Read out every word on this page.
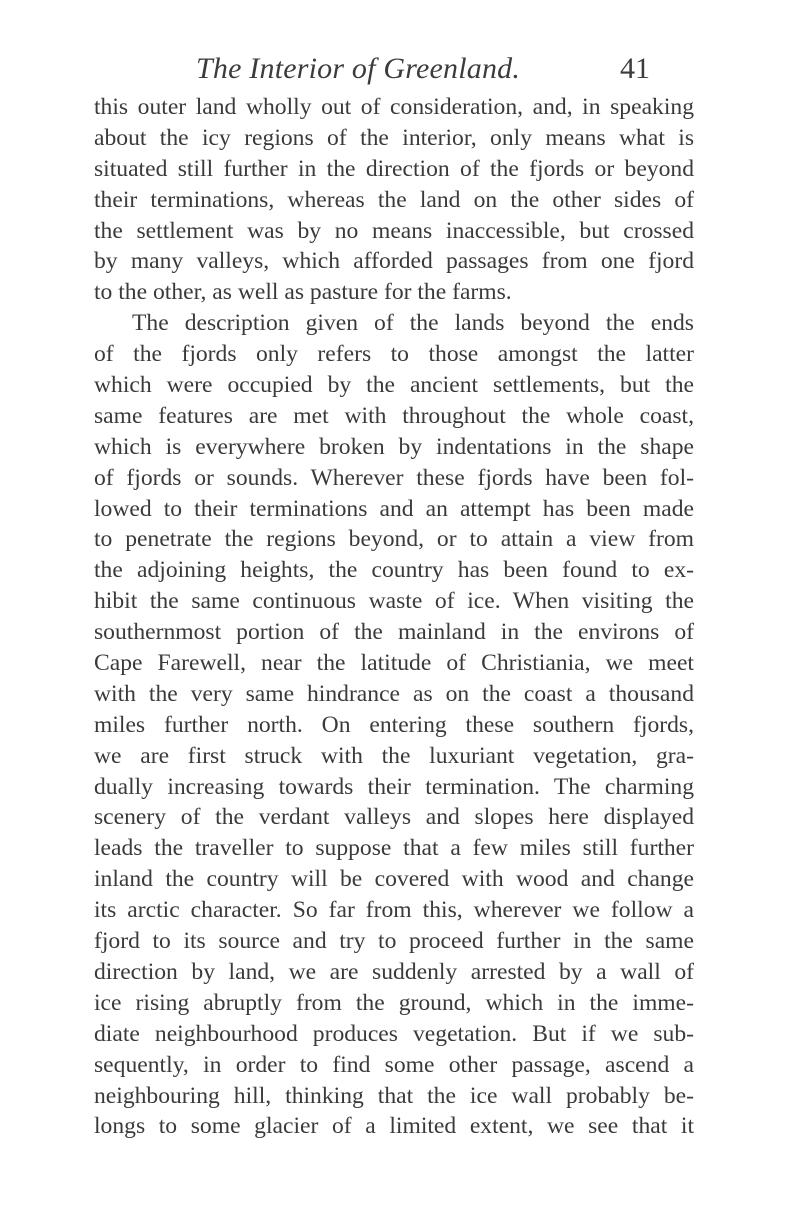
The Interior of Greenland.	41
this outer land wholly out of consideration, and, in speaking
about the icy regions of the interior, only means what is
situated still further in the direction of the fjords or beyond
their terminations, whereas the land on the other sides of
the settlement was by no means inaccessible, but crossed
by many valleys, which afforded passages from one fjord
to the other, as well as pasture for the farms.
The description given of the lands beyond the ends
of the fjords only refers to those amongst the latter
which were occupied by the ancient settlements, but the
same features are met with throughout the whole coast,
which is everywhere broken by indentations in the shape
of fjords or sounds. Wherever these fjords have been fol-
lowed to their terminations and an attempt has been made
to penetrate the regions beyond, or to attain a view from
the adjoining heights, the country has been found to ex-
hibit the same continuous waste of ice. When visiting the
southernmost portion of the mainland in the environs of
Cape Farewell, near the latitude of Christiania, we meet
with the very same hindrance as on the coast a thousand
miles further north. On entering these southern fjords,
we are first struck with the luxuriant vegetation, gra-
dually increasing towards their termination. The charming
scenery of the verdant valleys and slopes here displayed
leads the traveller to suppose that a few miles still further
inland the country will be covered with wood and change
its arctic character. So far from this, wherever we follow a
fjord to its source and try to proceed further in the same
direction by land, we are suddenly arrested by a wall of
ice rising abruptly from the ground, which in the imme-
diate neighbourhood produces vegetation. But if we sub-
sequently, in order to find some other passage, ascend a
neighbouring hill, thinking that the ice wall probably be-
longs to some glacier of a limited extent, we see that it
